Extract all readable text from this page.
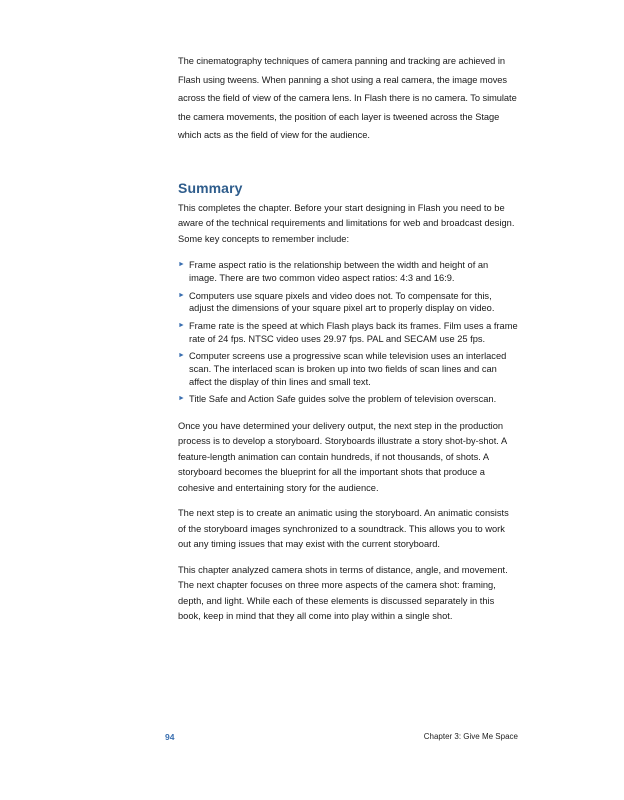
The cinematography techniques of camera panning and tracking are achieved in Flash using tweens. When panning a shot using a real camera, the image moves across the field of view of the camera lens. In Flash there is no camera. To simulate the camera movements, the position of each layer is tweened across the Stage which acts as the field of view for the audience.

Summary

This completes the chapter. Before your start designing in Flash you need to be aware of the technical requirements and limitations for web and broadcast design. Some key concepts to remember include:

► Frame aspect ratio is the relationship between the width and height of an image. There are two common video aspect ratios: 4:3 and 16:9.
► Computers use square pixels and video does not. To compensate for this, adjust the dimensions of your square pixel art to properly display on video.
► Frame rate is the speed at which Flash plays back its frames. Film uses a frame rate of 24 fps. NTSC video uses 29.97 fps. PAL and SECAM use 25 fps.
► Computer screens use a progressive scan while television uses an interlaced scan. The interlaced scan is broken up into two fields of scan lines and can affect the display of thin lines and small text.
► Title Safe and Action Safe guides solve the problem of television overscan.

Once you have determined your delivery output, the next step in the production process is to develop a storyboard. Storyboards illustrate a story shot-by-shot. A feature-length animation can contain hundreds, if not thousands, of shots. A storyboard becomes the blueprint for all the important shots that produce a cohesive and entertaining story for the audience.

The next step is to create an animatic using the storyboard. An animatic consists of the storyboard images synchronized to a soundtrack. This allows you to work out any timing issues that may exist with the current storyboard.

This chapter analyzed camera shots in terms of distance, angle, and movement. The next chapter focuses on three more aspects of the camera shot: framing, depth, and light. While each of these elements is discussed separately in this book, keep in mind that they all come into play within a single shot.

94	Chapter 3: Give Me Space
